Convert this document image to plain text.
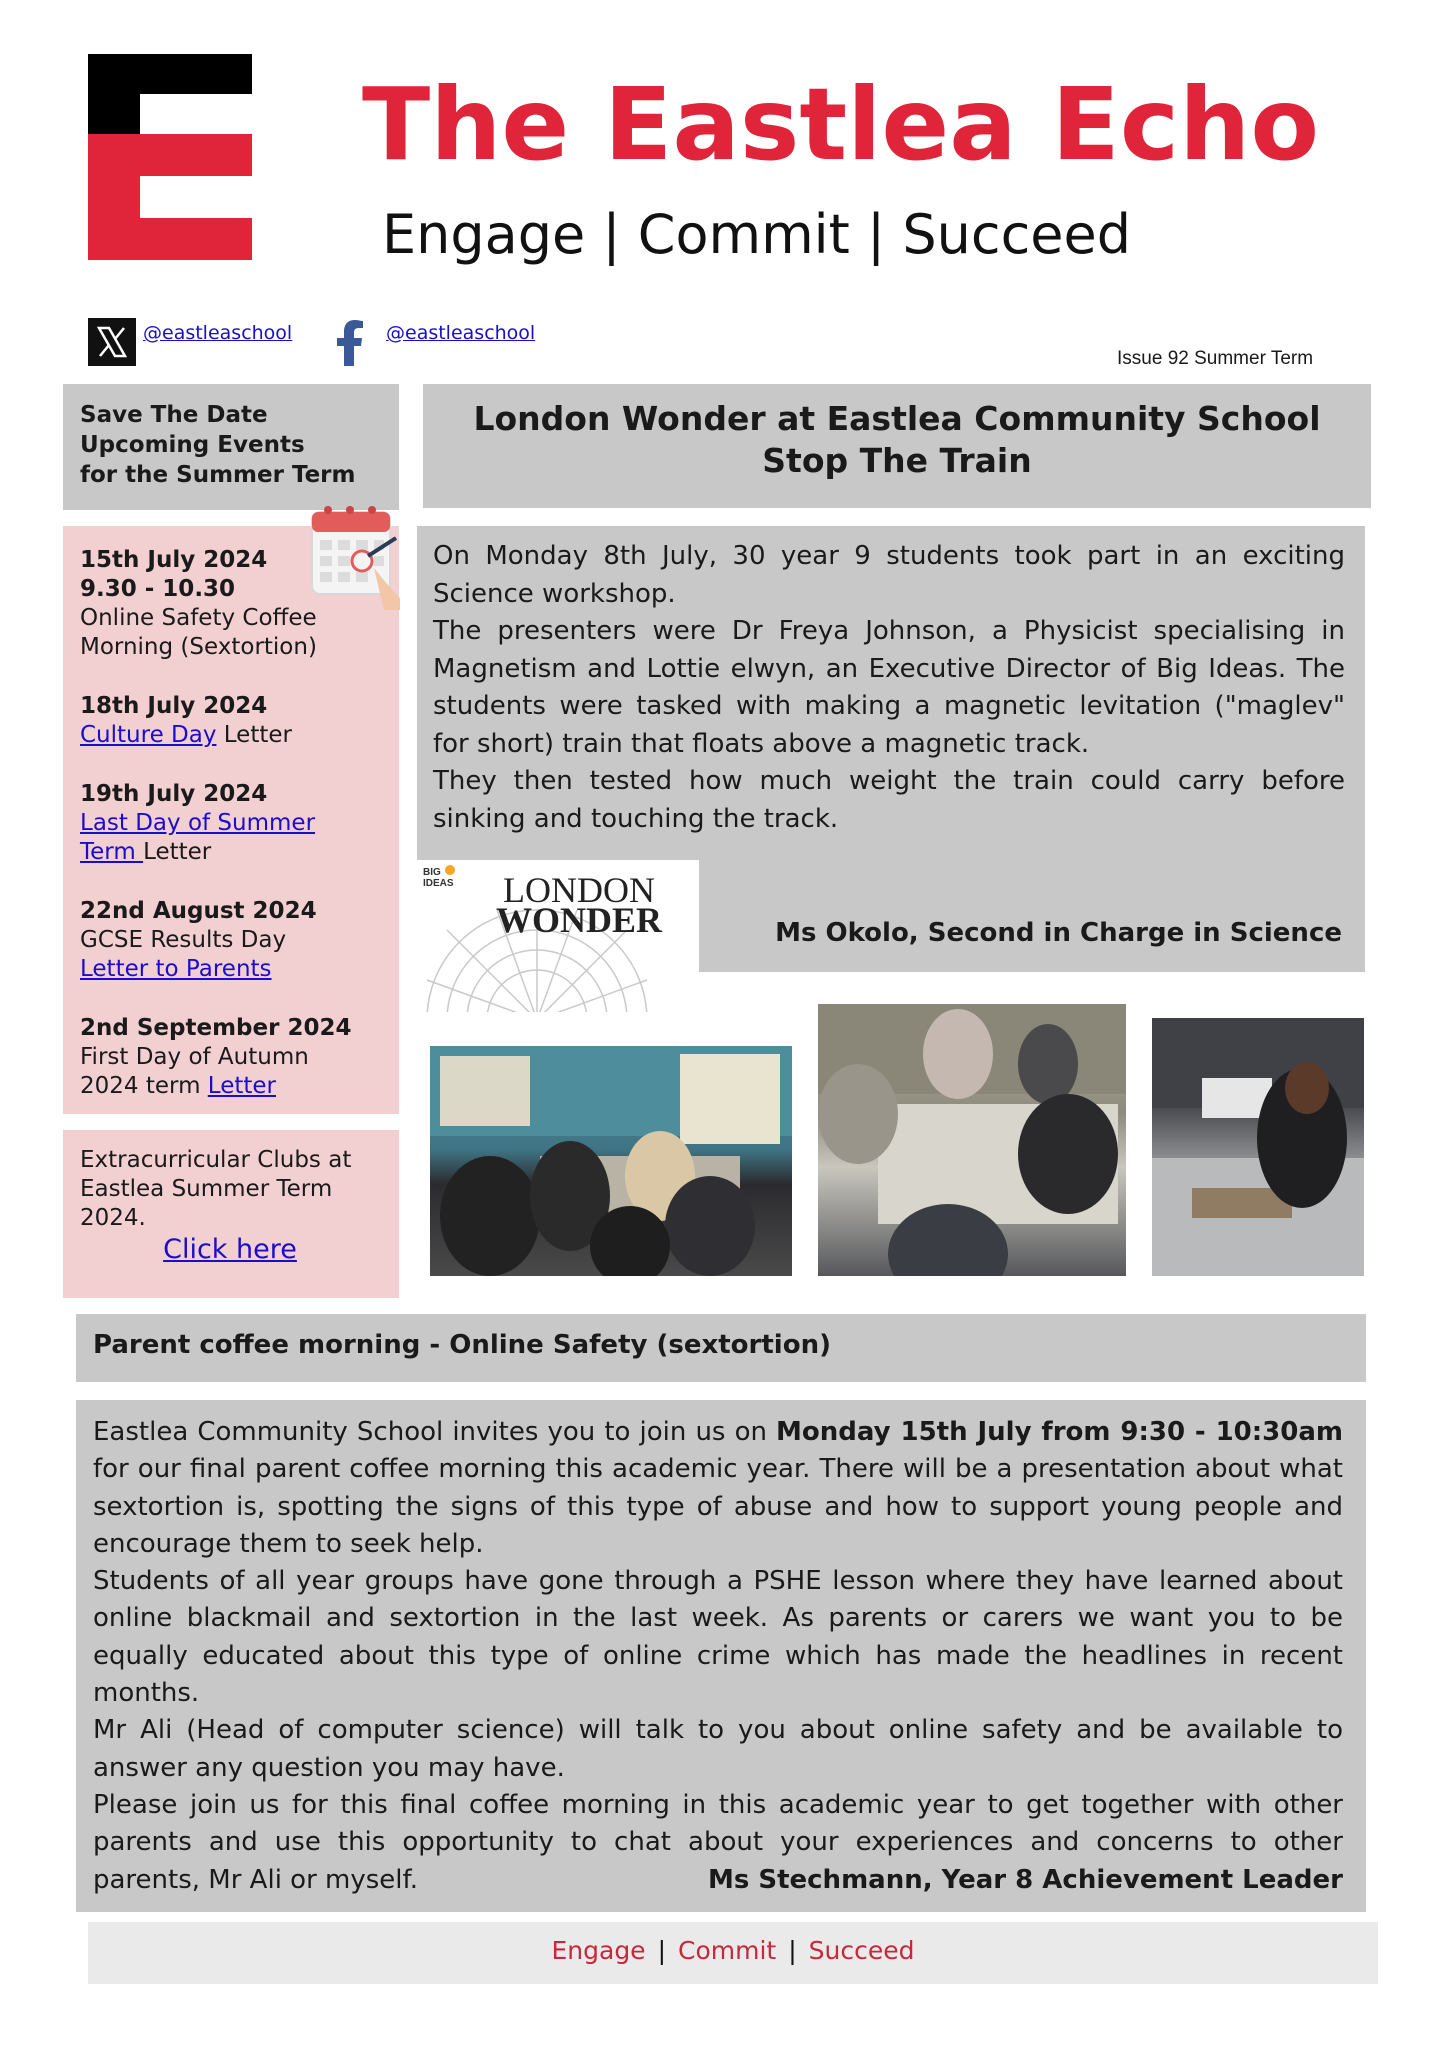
The Eastlea Echo
Engage | Commit | Succeed
@eastleaschool	@eastleaschool
Issue 92 Summer Term
Save The Date
Upcoming Events
for the Summer Term
15th July 2024
9.30 - 10.30
Online Safety Coffee
Morning (Sextortion)
18th July 2024
Culture Day Letter
19th July 2024
Last Day of Summer
Term Letter
22nd August 2024
GCSE Results Day
Letter to Parents
2nd September 2024
First Day of Autumn
2024 term Letter
Extracurricular Clubs at Eastlea Summer Term 2024.
Click here
London Wonder at Eastlea Community School
Stop The Train

On Monday 8th July, 30 year 9 students took part in an exciting Science workshop.

The presenters were Dr Freya Johnson, a Physicist specialising in Magnetism and Lottie elwyn, an Executive Director of Big Ideas. The students were tasked with making a magnetic levitation ("maglev" for short) train that floats above a magnetic track.

They then tested how much weight the train could carry before sinking and touching the track.

BIG
IDEAS LONDON
WONDER	Ms Okolo, Second in Charge in Science
Parent coffee morning - Online Safety (sextortion)

Eastlea Community School invites you to join us on Monday 15th July from 9:30 - 10:30am for our final parent coffee morning this academic year. There will be a presentation about what sextortion is, spotting the signs of this type of abuse and how to support young people and encourage them to seek help.

Students of all year groups have gone through a PSHE lesson where they have learned about online blackmail and sextortion in the last week. As parents or carers we want you to be equally educated about this type of online crime which has made the headlines in recent months.

Mr Ali (Head of computer science) will talk to you about online safety and be available to answer any question you may have.

Please join us for this final coffee morning in this academic year to get together with other parents and use this opportunity to chat about your experiences and concerns to other parents, Mr Ali or myself.	Ms Stechmann, Year 8 Achievement Leader

Engage | Commit | Succeed
